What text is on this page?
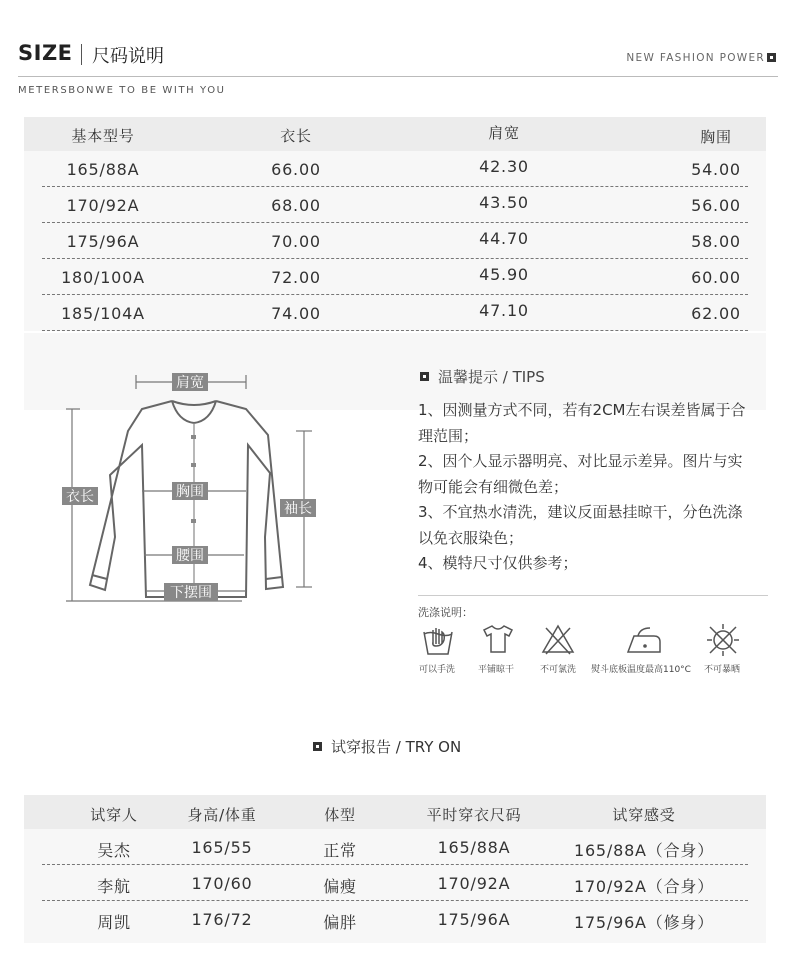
SIZE 尺码说明	NEW FASHION POWER
METERSBONWE TO BE WITH YOU
基本型号	衣长	肩宽	胸围
165/88A	66.00	42.30	54.00
170/92A	68.00	43.50	56.00
175/96A	70.00	44.70	58.00
180/100A	72.00	45.90	60.00
185/104A	74.00	47.10	62.00
肩宽
衣长	胸围
袖长
腰围
下摆围
温馨提示 / TIPS

1、因测量方式不同，若有2CM左右误差皆属于合理范围；

2、因个人显示器明亮、对比显示差异。图片与实物可能会有细微色差；

3、不宜热水清洗，建议反面悬挂晾干，分色洗涤以免衣服染色；

4、模特尺寸仅供参考；

洗涤说明：
可以手洗	平铺晾干	不可氯洗 熨斗底板温度最高110°C 不可暴晒
试穿报告 / TRY ON
试穿人	身高/体重	体型	平时穿衣尺码	试穿感受
吴杰	165/55	正常	165/88A	165/88A（合身）
李航	170/60	偏瘦	170/92A	170/92A（合身）
周凯	176/72	偏胖	175/96A	175/96A（修身）
